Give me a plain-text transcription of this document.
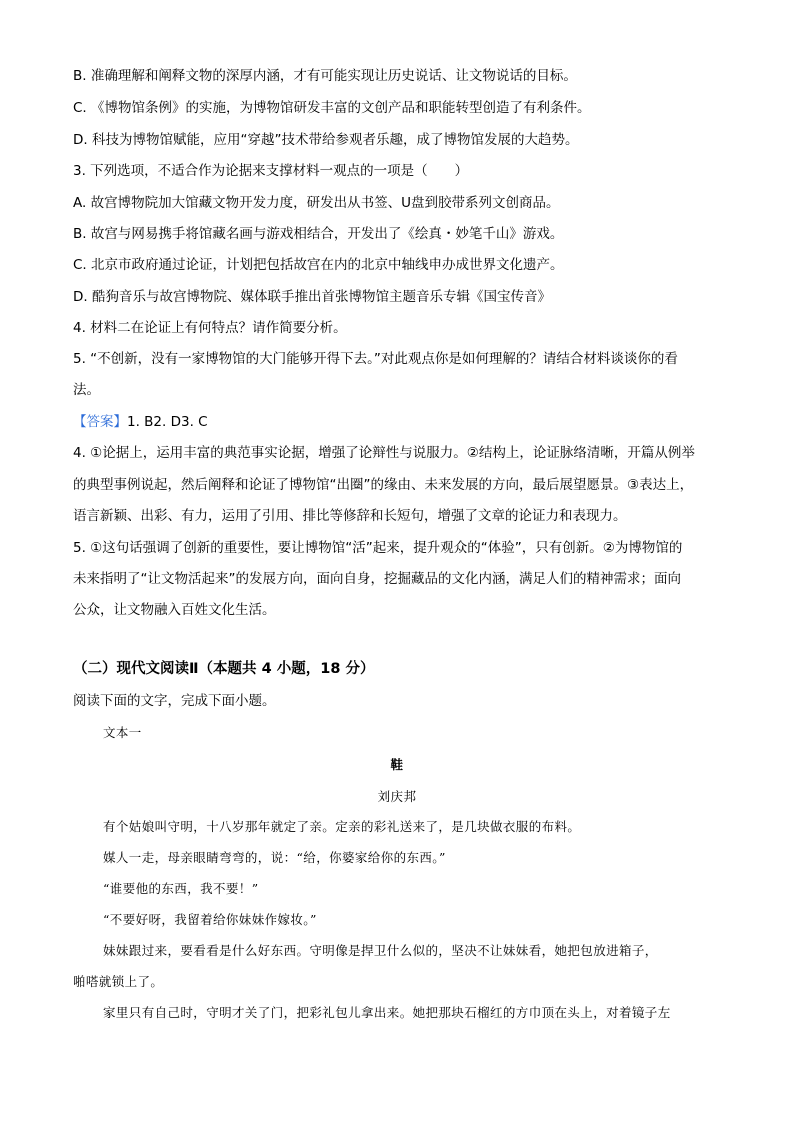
B. 准确理解和阐释文物的深厚内涵，才有可能实现让历史说话、让文物说话的目标。
C. 《博物馆条例》的实施，为博物馆研发丰富的文创产品和职能转型创造了有利条件。
D. 科技为博物馆赋能，应用“穿越”技术带给参观者乐趣，成了博物馆发展的大趋势。
3. 下列选项，不适合作为论据来支撑材料一观点的一项是（　　）
A. 故宫博物院加大馆藏文物开发力度，研发出从书签、U盘到胶带系列文创商品。
B. 故宫与网易携手将馆藏名画与游戏相结合，开发出了《绘真・妙笔千山》游戏。
C. 北京市政府通过论证，计划把包括故宫在内的北京中轴线申办成世界文化遗产。
D. 酷狗音乐与故宫博物院、媒体联手推出首张博物馆主题音乐专辑《国宝传音》
4. 材料二在论证上有何特点？请作简要分析。
5. “不创新，没有一家博物馆的大门能够开得下去。”对此观点你是如何理解的？请结合材料谈谈你的看
法。
【答案】1. B2. D3. C
4. ①论据上，运用丰富的典范事实论据，增强了论辩性与说服力。②结构上，论证脉络清晰，开篇从例举
的典型事例说起，然后阐释和论证了博物馆“出圈”的缘由、未来发展的方向，最后展望愿景。③表达上，
语言新颖、出彩、有力，运用了引用、排比等修辞和长短句，增强了文章的论证力和表现力。
5. ①这句话强调了创新的重要性，要让博物馆“活”起来，提升观众的“体验”，只有创新。②为博物馆的
未来指明了“让文物活起来”的发展方向，面向自身，挖掘藏品的文化内涵，满足人们的精神需求；面向
公众，让文物融入百姓文化生活。
（二）现代文阅读Ⅱ（本题共 4 小题，18 分）
阅读下面的文字，完成下面小题。
文本一
鞋
刘庆邦
有个姑娘叫守明，十八岁那年就定了亲。定亲的彩礼送来了，是几块做衣服的布料。
媒人一走，母亲眼睛弯弯的，说：“给，你婆家给你的东西。”
“谁要他的东西，我不要！”
“不要好呀，我留着给你妹妹作嫁妆。”
妹妹跟过来，要看看是什么好东西。守明像是捍卫什么似的，坚决不让妹妹看，她把包放进箱子，
啪嗒就锁上了。
家里只有自己时，守明才关了门，把彩礼包儿拿出来。她把那块石榴红的方巾顶在头上，对着镜子左
